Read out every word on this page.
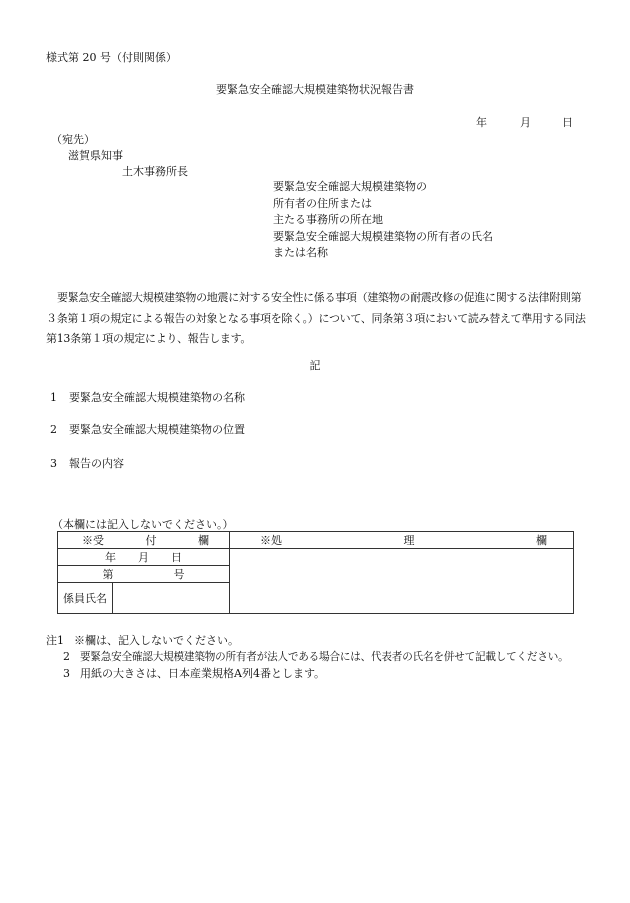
様式第 20 号（付則関係）
要緊急安全確認大規模建築物状況報告書
年	月	日
（宛先）
滋賀県知事
土木事務所長
要緊急安全確認大規模建築物の
所有者の住所または
主たる事務所の所在地
要緊急安全確認大規模建築物の所有者の氏名
または名称
要緊急安全確認大規模建築物の地震に対する安全性に係る事項（建築物の耐震改修の促進に関する法律附則第３条第１項の規定による報告の対象となる事項を除く。）について、同条第３項において読み替えて準用する同法第13条第１項の規定により、報告します。
記
1 要緊急安全確認大規模建築物の名称
2 要緊急安全確認大規模建築物の位置
3 報告の内容
（本欄には記入しないでください。）
※受 付 欄		※処 理 欄

年 月 日		

第 号		

係員氏名		
注1 ※欄は、記入しないでください。
2 要緊急安全確認大規模建築物の所有者が法人である場合には、代表者の氏名を併せて記載してください。
3 用紙の大きさは、日本産業規格A列4番とします。
